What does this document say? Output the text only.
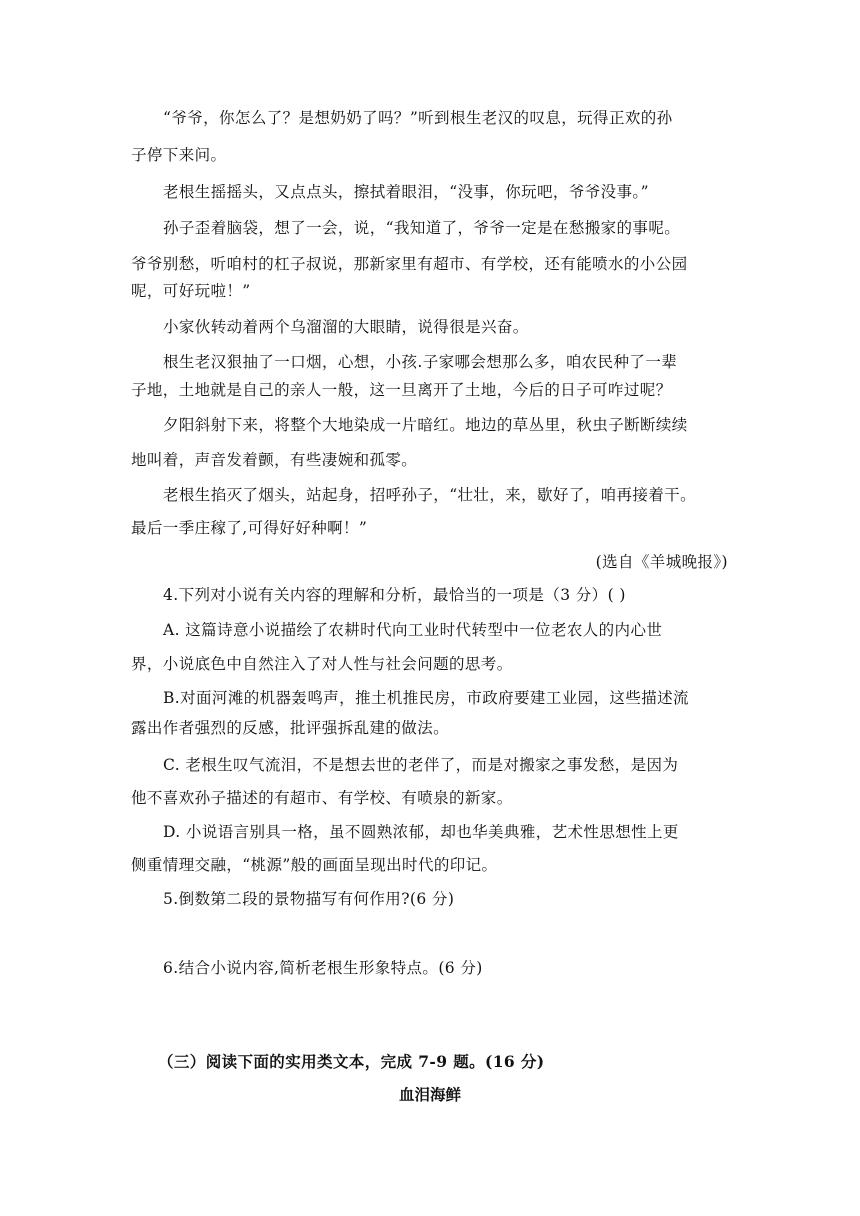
“爷爷，你怎么了？是想奶奶了吗？”听到根生老汉的叹息，玩得正欢的孙
子停下来问。
老根生摇摇头，又点点头，擦拭着眼泪，“没事，你玩吧，爷爷没事。”
孙子歪着脑袋，想了一会，说，“我知道了，爷爷一定是在愁搬家的事呢。
爷爷别愁，听咱村的杠子叔说，那新家里有超市、有学校，还有能喷水的小公园
呢，可好玩啦！”
小家伙转动着两个乌溜溜的大眼睛，说得很是兴奋。
根生老汉狠抽了一口烟，心想，小孩.子家哪会想那么多，咱农民种了一辈
子地，土地就是自己的亲人一般，这一旦离开了土地，今后的日子可咋过呢？
夕阳斜射下来，将整个大地染成一片暗红。地边的草丛里，秋虫子断断续续
地叫着，声音发着颤，有些凄婉和孤零。
老根生掐灭了烟头，站起身，招呼孙子，“壮壮，来，歇好了，咱再接着干。
最后一季庄稼了,可得好好种啊！”
(选自《羊城晚报》)
4.下列对小说有关内容的理解和分析，最恰当的一项是（3 分）( )
A. 这篇诗意小说描绘了农耕时代向工业时代转型中一位老农人的内心世
界，小说底色中自然注入了对人性与社会问题的思考。
B.对面河滩的机器轰鸣声，推土机推民房，市政府要建工业园，这些描述流
露出作者强烈的反感，批评强拆乱建的做法。
C. 老根生叹气流泪，不是想去世的老伴了，而是对搬家之事发愁，是因为
他不喜欢孙子描述的有超市、有学校、有喷泉的新家。
D. 小说语言别具一格，虽不圆熟浓郁，却也华美典雅，艺术性思想性上更
侧重情理交融，“桃源”般的画面呈现出时代的印记。
5.倒数第二段的景物描写有何作用?(6 分)
6.结合小说内容,简析老根生形象特点。(6 分)
（三）阅读下面的实用类文本，完成 7-9 题。(16 分)
血泪海鲜
